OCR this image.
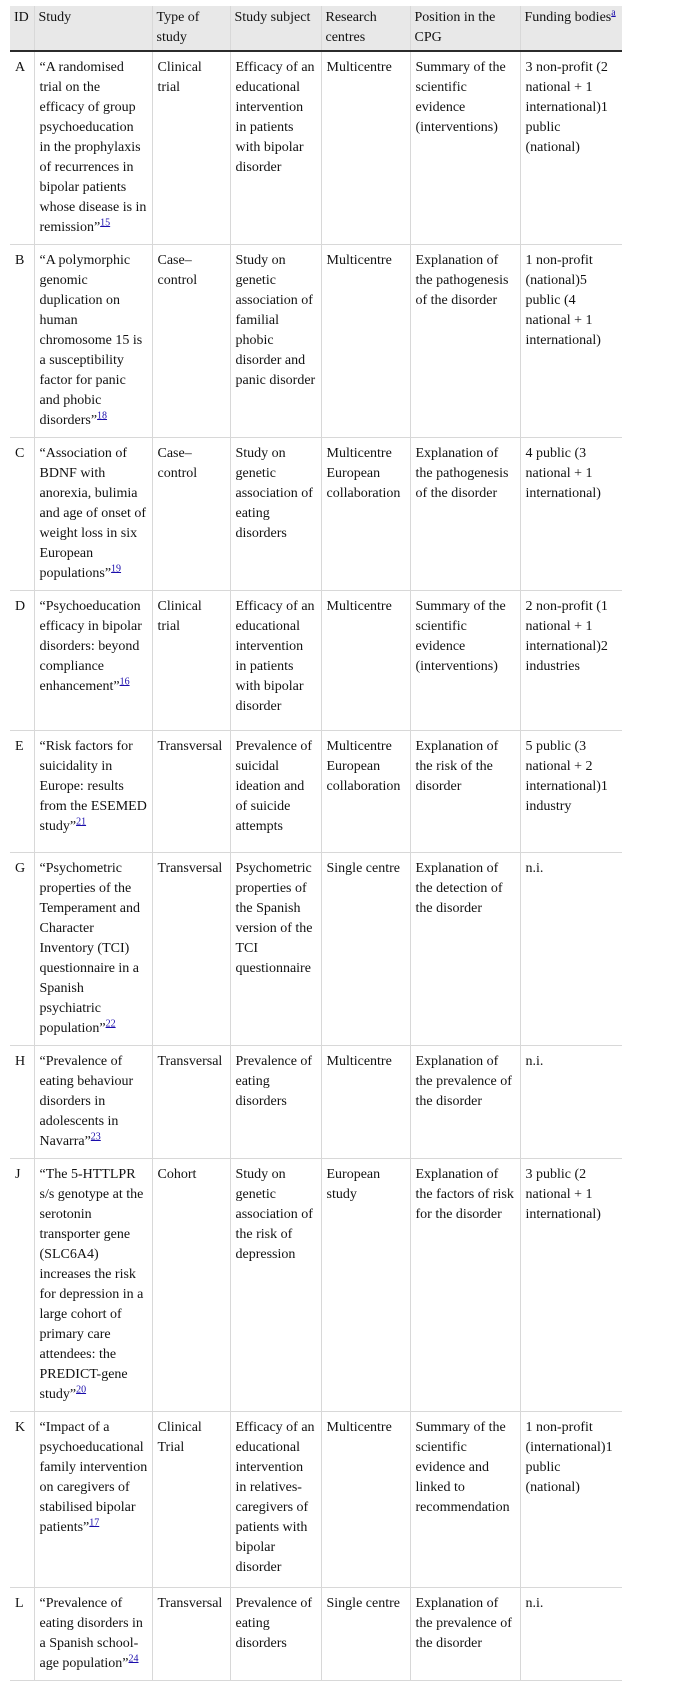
ID	Study	Type of study	Study subject	Research centres	Position in the CPG	Funding bodies$^a$
A	“A randomised trial on the efficacy of group psychoeducation in the prophylaxis of recurrences in bipolar patients whose disease is in remission”$^{15}$	Clinical trial	Efficacy of an educational intervention in patients with bipolar disorder	Multicentre	Summary of the scientific evidence (interventions)	3 non-profit (2 national + 1 international)1 public (national)
B	“A polymorphic genomic duplication on human chromosome 15 is a susceptibility factor for panic and phobic disorders”$^{18}$	Case–control	Study on genetic association of familial phobic disorder and panic disorder	Multicentre	Explanation of the pathogenesis of the disorder	1 non-profit (national)5 public (4 national + 1 international)
C	“Association of BDNF with anorexia, bulimia and age of onset of weight loss in six European populations”$^{19}$	Case–control	Study on genetic association of eating disorders	Multicentre European collaboration	Explanation of the pathogenesis of the disorder	4 public (3 national + 1 international)
D	“Psychoeducation efficacy in bipolar disorders: beyond compliance enhancement”$^{16}$	Clinical trial	Efficacy of an educational intervention in patients with bipolar disorder	Multicentre	Summary of the scientific evidence (interventions)	2 non-profit (1 national + 1 international)2 industries
E	“Risk factors for suicidality in Europe: results from the ESEMED study”$^{21}$	Transversal	Prevalence of suicidal ideation and of suicide attempts	Multicentre European collaboration	Explanation of the risk of the disorder	5 public (3 national + 2 international)1 industry
G	“Psychometric properties of the Temperament and Character Inventory (TCI) questionnaire in a Spanish psychiatric population”$^{22}$	Transversal	Psychometric properties of the Spanish version of the TCI questionnaire	Single centre	Explanation of the detection of the disorder	n.i.
H	“Prevalence of eating behaviour disorders in adolescents in Navarra”$^{23}$	Transversal	Prevalence of eating disorders	Multicentre	Explanation of the prevalence of the disorder	n.i.
J	“The 5-HTTLPR s/s genotype at the serotonin transporter gene (SLC6A4) increases the risk for depression in a large cohort of primary care attendees: the PREDICT-gene study”$^{20}$	Cohort	Study on genetic association of the risk of depression	European study	Explanation of the factors of risk for the disorder	3 public (2 national + 1 international)
K	“Impact of a psychoeducational family intervention on caregivers of stabilised bipolar patients”$^{17}$	Clinical Trial	Efficacy of an educational intervention in relatives-caregivers of patients with bipolar disorder	Multicentre	Summary of the scientific evidence and linked to recommendation	1 non-profit (international)1 public (national)
L	“Prevalence of eating disorders in a Spanish school-age population”$^{24}$	Transversal	Prevalence of eating disorders	Single centre	Explanation of the prevalence of the disorder	n.i.
